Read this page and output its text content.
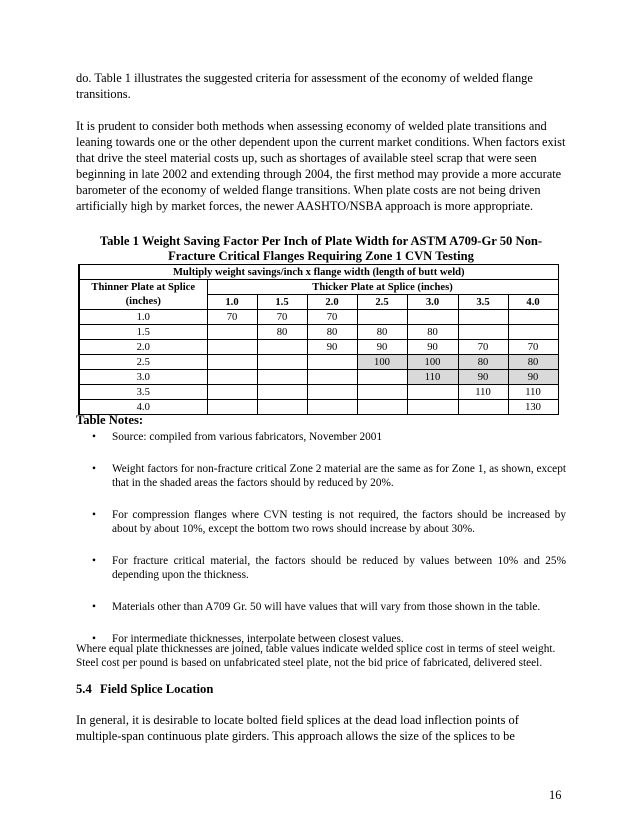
do. Table 1 illustrates the suggested criteria for assessment of the economy of welded flange transitions.

It is prudent to consider both methods when assessing economy of welded plate transitions and leaning towards one or the other dependent upon the current market conditions. When factors exist that drive the steel material costs up, such as shortages of available steel scrap that were seen beginning in late 2002 and extending through 2004, the first method may provide a more accurate barometer of the economy of welded flange transitions. When plate costs are not being driven artificially high by market forces, the newer AASHTO/NSBA approach is more appropriate.

Table 1 Weight Saving Factor Per Inch of Plate Width for ASTM A709-Gr 50 Non-
Fracture Critical Flanges Requiring Zone 1 CVN Testing

Multiply weight savings/inch x flange width (length of butt weld)							
Thinner Plate at Splice	Thicker Plate at Splice (inches)						
(inches)	1.0	1.5	2.0	2.5	3.0	3.5	4.0
1.0	70	70	70				
1.5		80	80	80	80		
2.0			90	90	90	70	70
2.5				100	100	80	80
3.0					110	90	90
3.5						110	110
4.0							130

Table Notes:

• Source: compiled from various fabricators, November 2001
• Weight factors for non-fracture critical Zone 2 material are the same as for Zone 1, as shown, except that in the shaded areas the factors should by reduced by 20%.
• For compression flanges where CVN testing is not required, the factors should be increased by about by about 10%, except the bottom two rows should increase by about 30%.
• For fracture critical material, the factors should be reduced by values between 10% and 25% depending upon the thickness.
• Materials other than A709 Gr. 50 will have values that will vary from those shown in the table.
• For intermediate thicknesses, interpolate between closest values.

Where equal plate thicknesses are joined, table values indicate welded splice cost in terms of steel weight.
Steel cost per pound is based on unfabricated steel plate, not the bid price of fabricated, delivered steel.

5.4 Field Splice Location

In general, it is desirable to locate bolted field splices at the dead load inflection points of multiple-span continuous plate girders. This approach allows the size of the splices to be

16
